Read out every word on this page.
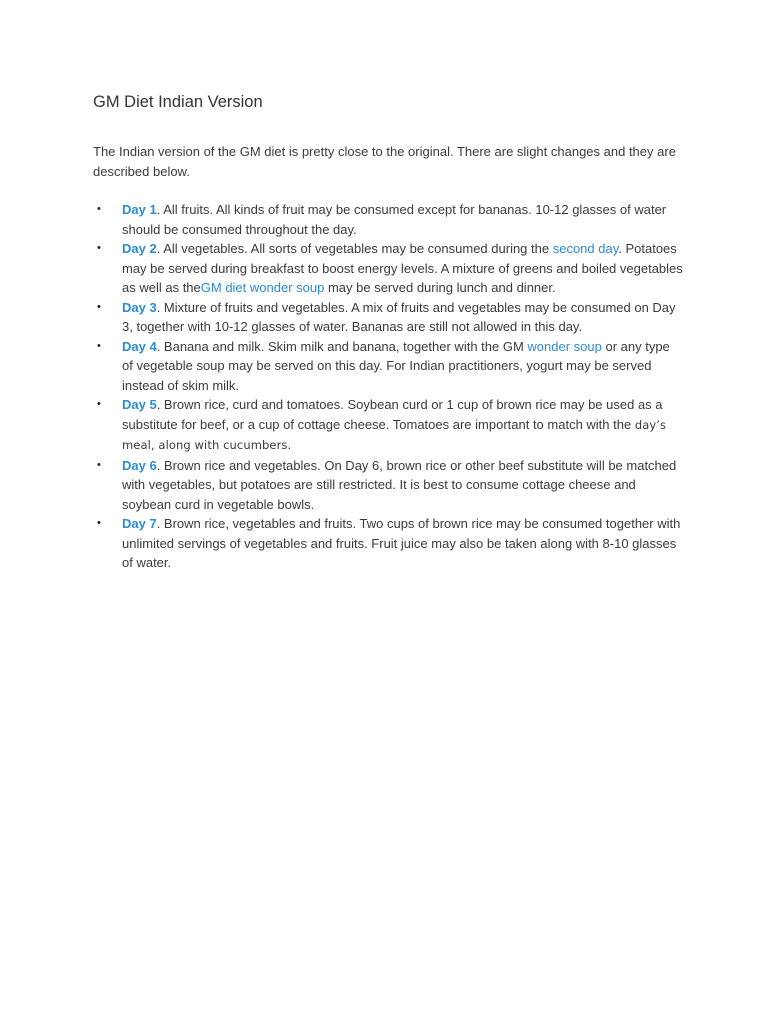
GM Diet Indian Version

The Indian version of the GM diet is pretty close to the original. There are slight changes and they are described below.

• Day 1. All fruits. All kinds of fruit may be consumed except for bananas. 10-12 glasses of water should be consumed throughout the day.
• Day 2. All vegetables. All sorts of vegetables may be consumed during the second day. Potatoes may be served during breakfast to boost energy levels. A mixture of greens and boiled vegetables as well as theGM diet wonder soup may be served during lunch and dinner.
• Day 3. Mixture of fruits and vegetables. A mix of fruits and vegetables may be consumed on Day 3, together with 10-12 glasses of water. Bananas are still not allowed in this day.
• Day 4. Banana and milk. Skim milk and banana, together with the GM wonder soup or any type of vegetable soup may be served on this day. For Indian practitioners, yogurt may be served instead of skim milk.
• Day 5. Brown rice, curd and tomatoes. Soybean curd or 1 cup of brown rice may be used as a substitute for beef, or a cup of cottage cheese. Tomatoes are important to match with the day’s meal, along with cucumbers.
• Day 6. Brown rice and vegetables. On Day 6, brown rice or other beef substitute will be matched with vegetables, but potatoes are still restricted. It is best to consume cottage cheese and soybean curd in vegetable bowls.
• Day 7. Brown rice, vegetables and fruits. Two cups of brown rice may be consumed together with unlimited servings of vegetables and fruits. Fruit juice may also be taken along with 8-10 glasses of water.
